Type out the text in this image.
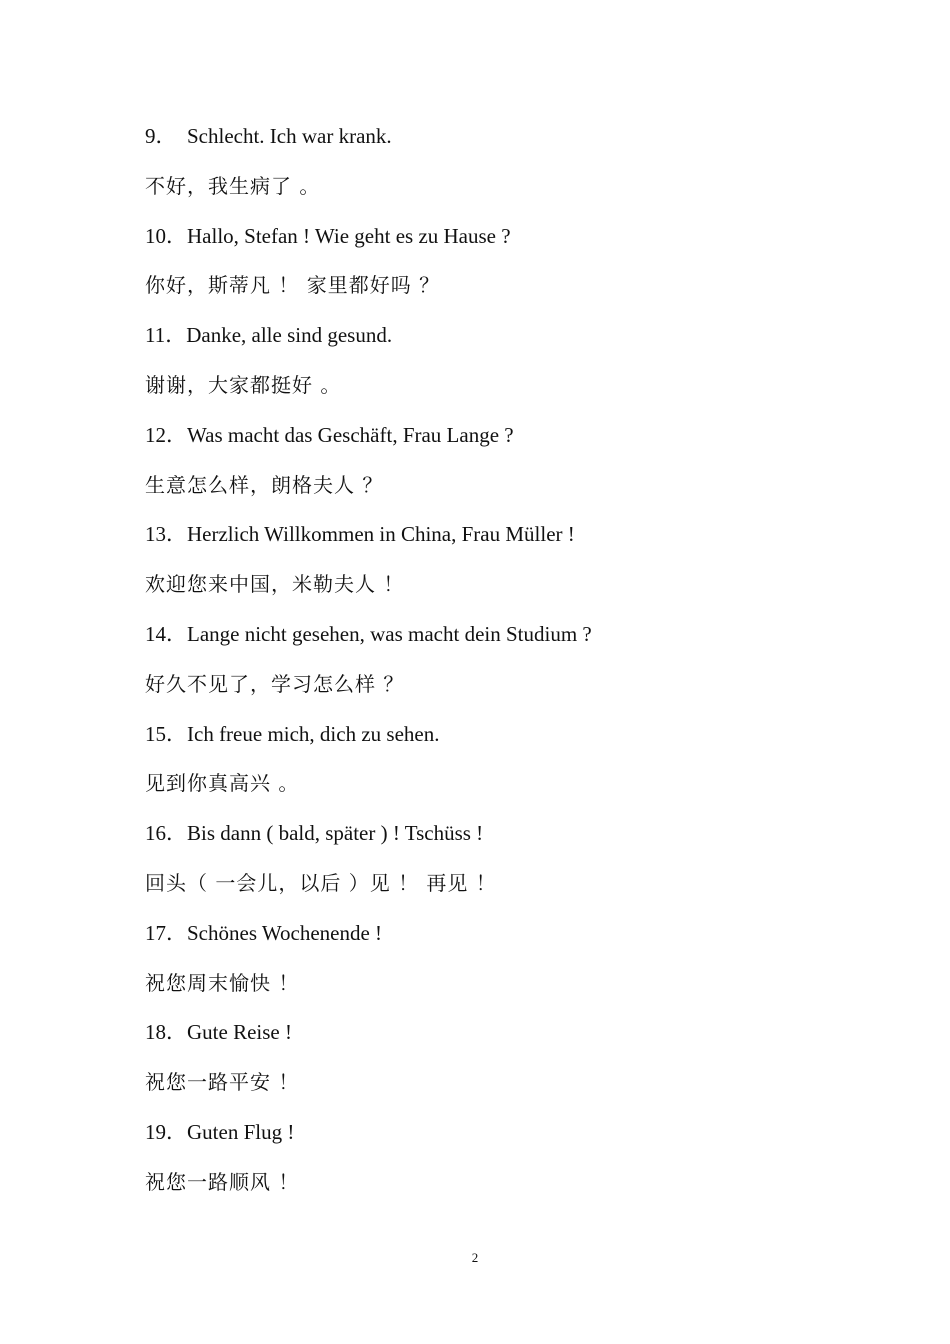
9．  Schlecht. Ich war krank.
不好，我生病了 。
10．Hallo, Stefan ! Wie geht es zu Hause ?
你好，斯蒂凡 ！ 家里都好吗 ？
11．Danke, alle sind gesund.
谢谢，大家都挺好 。
12．Was macht das Geschäft, Frau Lange ?
生意怎么样，朗格夫人 ？
13．Herzlich Willkommen in China, Frau Müller !
欢迎您来中国，米勒夫人 ！
14．Lange nicht gesehen, was macht dein Studium ?
好久不见了，学习怎么样 ？
15．Ich freue mich, dich zu sehen.
见到你真高兴 。
16．Bis dann ( bald, später ) ! Tschüss !
回头（ 一会儿，以后 ）见 ！ 再见 ！
17．Schönes Wochenende !
祝您周末愉快 ！
18．Gute Reise !
祝您一路平安 ！
19．Guten Flug !
祝您一路顺风 ！
2
